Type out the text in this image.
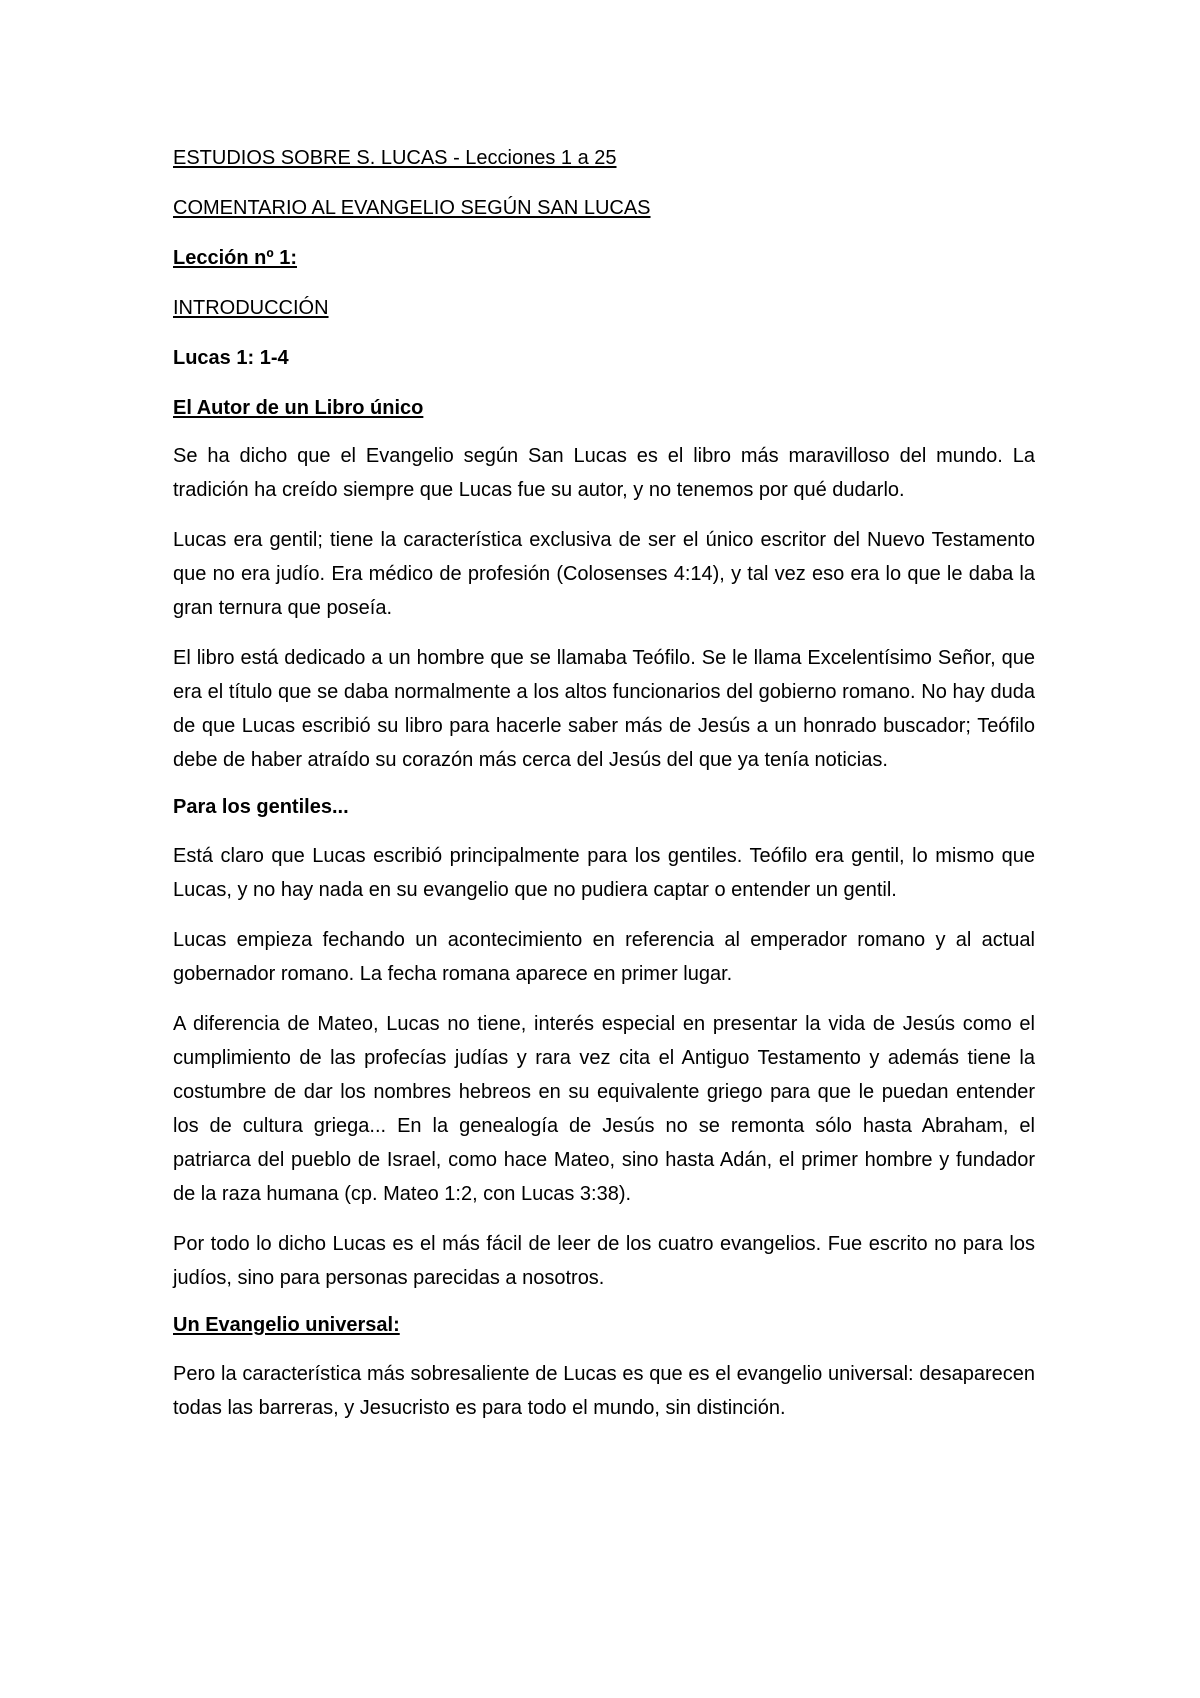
ESTUDIOS SOBRE S. LUCAS - Lecciones 1 a 25
COMENTARIO AL EVANGELIO SEGÚN SAN LUCAS
Lección nº 1:
INTRODUCCIÓN
Lucas 1: 1-4
El Autor de un Libro único

Se ha dicho que el Evangelio según San Lucas es el libro más maravilloso del mundo. La tradición ha creído siempre que Lucas fue su autor, y no tenemos por qué dudarlo.

Lucas era gentil; tiene la característica exclusiva de ser el único escritor del Nuevo Testamento que no era judío. Era médico de profesión (Colosenses 4:14), y tal vez eso era lo que le daba la gran ternura que poseía.

El libro está dedicado a un hombre que se llamaba Teófilo. Se le llama Excelentísimo Señor, que era el título que se daba normalmente a los altos funcionarios del gobierno romano. No hay duda de que Lucas escribió su libro para hacerle saber más de Jesús a un honrado buscador; Teófilo debe de haber atraído su corazón más cerca del Jesús del que ya tenía noticias.

Para los gentiles...

Está claro que Lucas escribió principalmente para los gentiles. Teófilo era gentil, lo mismo que Lucas, y no hay nada en su evangelio que no pudiera captar o entender un gentil.

Lucas empieza fechando un acontecimiento en referencia al emperador romano y al actual gobernador romano. La fecha romana aparece en primer lugar.

A diferencia de Mateo, Lucas no tiene, interés especial en presentar la vida de Jesús como el cumplimiento de las profecías judías y rara vez cita el Antiguo Testamento y además tiene la costumbre de dar los nombres hebreos en su equivalente griego para que le puedan entender los de cultura griega... En la genealogía de Jesús no se remonta sólo hasta Abraham, el patriarca del pueblo de Israel, como hace Mateo, sino hasta Adán, el primer hombre y fundador de la raza humana (cp. Mateo 1:2, con Lucas 3:38).

Por todo lo dicho Lucas es el más fácil de leer de los cuatro evangelios. Fue escrito no para los judíos, sino para personas parecidas a nosotros.

Un Evangelio universal:

Pero la característica más sobresaliente de Lucas es que es el evangelio universal: desaparecen todas las barreras, y Jesucristo es para todo el mundo, sin distinción.
